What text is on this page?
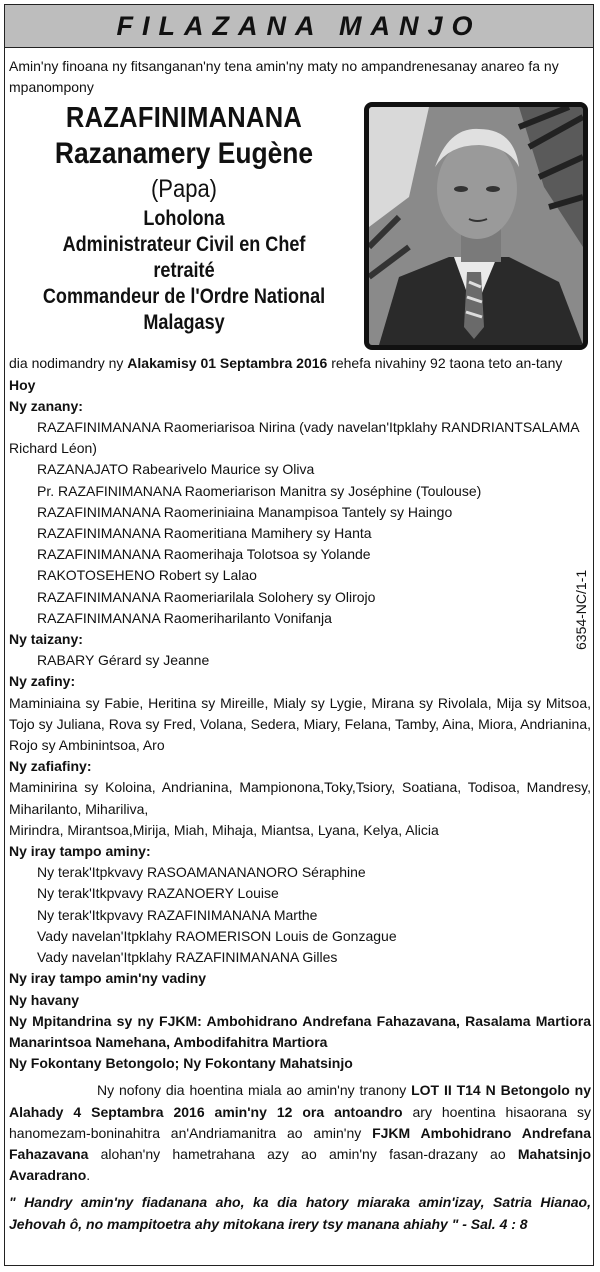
FILAZANA MANJO
6354-NC/1-1

Amin'ny finoana ny fitsanganan'ny tena amin'ny maty no ampandrenesanay anareo fa ny mpanompony

RAZAFINIMANANA
Razanamery Eugène
(Papa)
Loholona
Administrateur Civil en Chef retraité
Commandeur de l'Ordre National
Malagasy

dia nodimandry ny Alakamisy 01 Septambra 2016 rehefa nivahiny 92 taona teto an-tany Hoy

Ny zanany:

RAZAFINIMANANA Raomeriarisoa Nirina (vady navelan'Itpklahy RANDRIANTSALAMA

Richard Léon)

RAZANAJATO Rabearivelo Maurice sy Oliva

Pr. RAZAFINIMANANA Raomeriarison Manitra sy Joséphine (Toulouse)

RAZAFINIMANANA Raomeriniaina Manampisoa Tantely sy Haingo

RAZAFINIMANANA Raomeritiana Mamihery sy Hanta

RAZAFINIMANANA Raomerihaja Tolotsoa sy Yolande

RAKOTOSEHENO Robert sy Lalao

RAZAFINIMANANA Raomeriarilala Solohery sy Olirojo

RAZAFINIMANANA Raomeriharilanto Vonifanja

Ny taizany:

RABARY Gérard sy Jeanne

Ny zafiny:

Maminiaina sy Fabie, Heritina sy Mireille, Mialy sy Lygie, Mirana sy Rivolala, Mija sy Mitsoa, Tojo sy Juliana, Rova sy Fred, Volana, Sedera, Miary, Felana, Tamby, Aina, Miora, Andrianina, Rojo sy Ambinintsoa, Aro

Ny zafiafiny:

Maminirina sy Koloina, Andrianina, Mampionona,Toky,Tsiory, Soatiana, Todisoa, Mandresy, Miharilanto, Mihariliva,

Mirindra, Mirantsoa,Mirija, Miah, Mihaja, Miantsa, Lyana, Kelya, Alicia

Ny iray tampo aminy:

Ny terak'Itpkvavy RASOAMANANANORO Séraphine

Ny terak'Itkpvavy RAZANOERY Louise

Ny terak'Itkpvavy RAZAFINIMANANA Marthe

Vady navelan'Itpklahy RAOMERISON Louis de Gonzague

Vady navelan'Itpklahy RAZAFINIMANANA Gilles

Ny iray tampo amin'ny vadiny

Ny havany

Ny Mpitandrina sy ny FJKM: Ambohidrano Andrefana Fahazavana, Rasalama Martiora Manarintsoa Namehana, Ambodifahitra Martiora

Ny Fokontany Betongolo; Ny Fokontany Mahatsinjo

Ny nofony dia hoentina miala ao amin'ny tranony LOT II T14 N Betongolo ny Alahady 4 Septambra 2016 amin'ny 12 ora antoandro ary hoentina hisaorana sy hanomezam-boninahitra an'Andriamanitra ao amin'ny FJKM Ambohidrano Andrefana Fahazavana alohan'ny hametrahana azy ao amin'ny fasan-drazany ao Mahatsinjo Avaradrano.

" Handry amin'ny fiadanana aho, ka dia hatory miaraka amin'izay, Satria Hianao, Jehovah ô, no mampitoetra ahy mitokana irery tsy manana ahiahy " - Sal. 4 : 8
